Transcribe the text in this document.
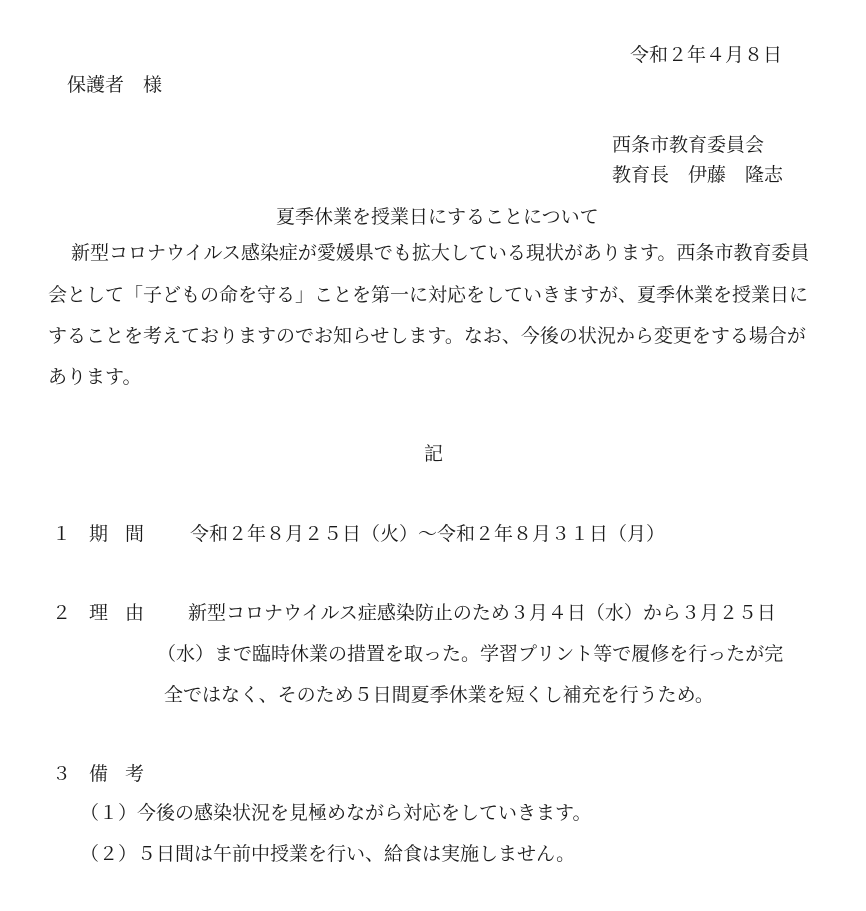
令和２年４月８日
保護者　様
西条市教育委員会
教育長　伊藤　隆志
夏季休業を授業日にすることについて

新型コロナウイルス感染症が愛媛県でも拡大している現状があります。西条市教育委員

会として「子どもの命を守る」ことを第一に対応をしていきますが、夏季休業を授業日に

することを考えておりますのでお知らせします。なお、今後の状況から変更をする場合が

あります。

記
１ 期間 令和２年８月２５日（火）～令和２年８月３１日（月）
２ 理由 新型コロナウイルス症感染防止のため３月４日（水）から３月２５日
（水）まで臨時休業の措置を取った。学習プリント等で履修を行ったが完
全ではなく、そのため５日間夏季休業を短くし補充を行うため。
３ 備考
（１）今後の感染状況を見極めながら対応をしていきます。
（２）５日間は午前中授業を行い、給食は実施しません。
